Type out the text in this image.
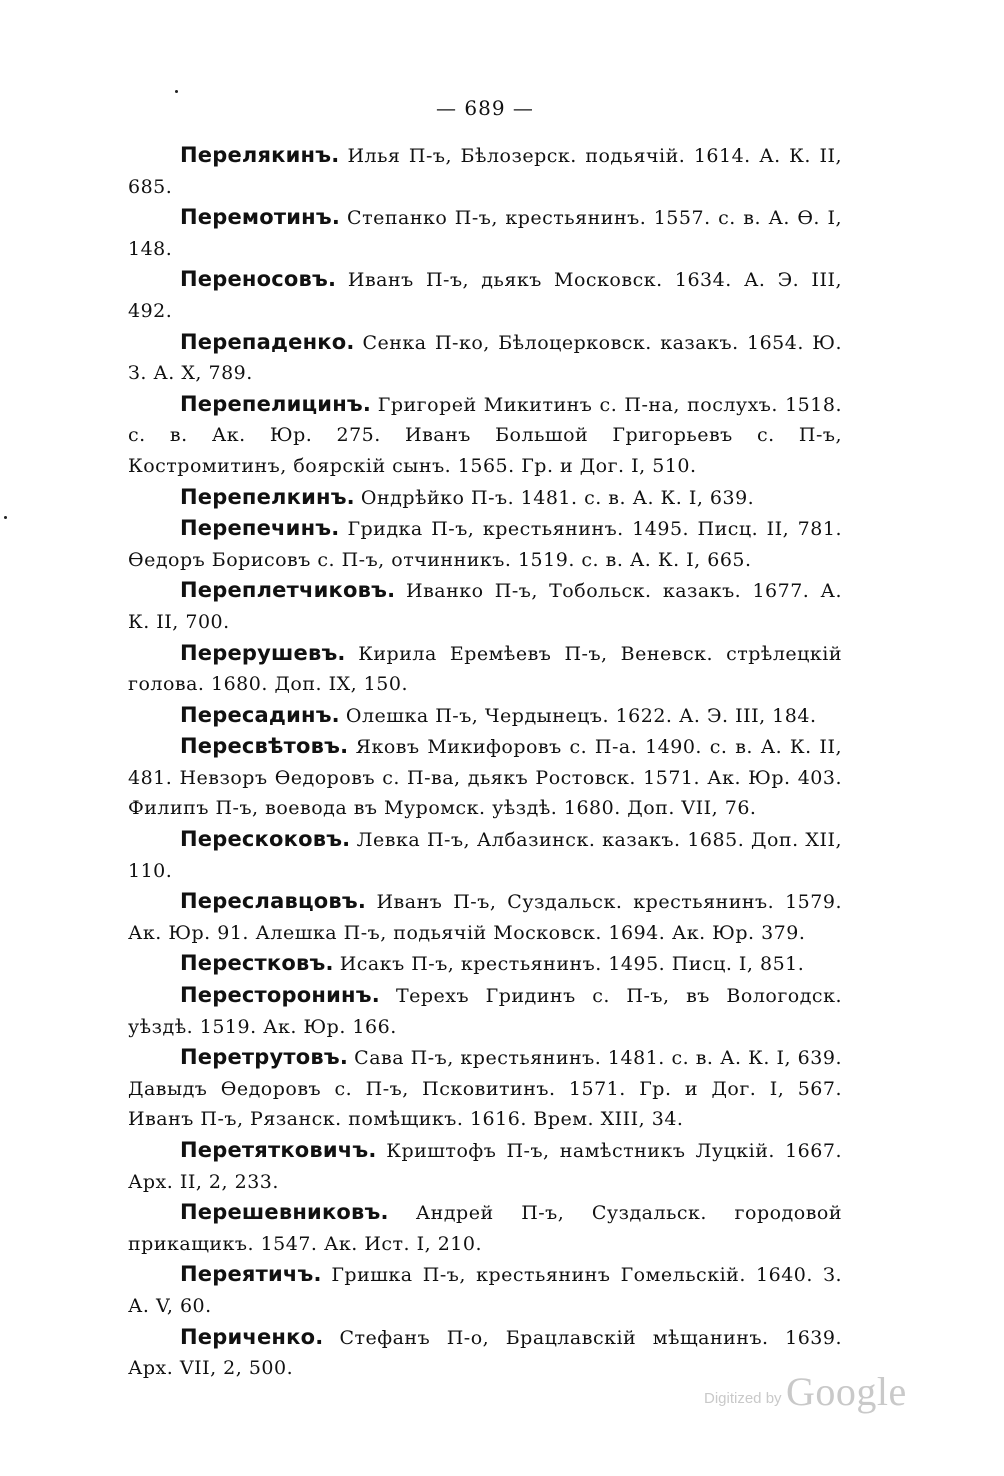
— 689 —

Перелякинъ. Илья П-ъ, Бѣлозерск. подьячій. 1614. А. К. II, 685.

Перемотинъ. Степанко П-ъ, крестьянинъ. 1557. с. в. А. Ѳ. I, 148.

Переносовъ. Иванъ П-ъ, дьякъ Московск. 1634. А. Э. III, 492.

Перепаденко. Сенка П-ко, Бѣлоцерковск. казакъ. 1654. Ю. З. А. X, 789.

Перепелицинъ. Григорей Микитинъ с. П-на, послухъ. 1518. с. в. Ак. Юр. 275. Иванъ Большой Григорьевъ с. П-ъ, Костромитинъ, боярскій сынъ. 1565. Гр. и Дог. I, 510.

Перепелкинъ. Ондрѣйко П-ъ. 1481. с. в. А. К. I, 639.

Перепечинъ. Гридка П-ъ, крестьянинъ. 1495. Писц. II, 781. Ѳедоръ Борисовъ с. П-ъ, отчинникъ. 1519. с. в. А. К. I, 665.

Переплетчиковъ. Иванко П-ъ, Тобольск. казакъ. 1677. А. К. II, 700.

Перерушевъ. Кирила Еремѣевъ П-ъ, Веневск. стрѣлецкій голова. 1680. Доп. IX, 150.

Пересадинъ. Олешка П-ъ, Чердынецъ. 1622. А. Э. III, 184.

Пересвѣтовъ. Яковъ Микифоровъ с. П-а. 1490. с. в. А. К. II, 481. Невзоръ Ѳедоровъ с. П-ва, дьякъ Ростовск. 1571. Ак. Юр. 403. Филипъ П-ъ, воевода въ Муромск. уѣздѣ. 1680. Доп. VII, 76.

Перескоковъ. Левка П-ъ, Албазинск. казакъ. 1685. Доп. XII, 110.

Переславцовъ. Иванъ П-ъ, Суздальск. крестьянинъ. 1579. Ак. Юр. 91. Алешка П-ъ, подьячій Московск. 1694. Ак. Юр. 379.

Перестковъ. Исакъ П-ъ, крестьянинъ. 1495. Писц. I, 851.

Пересторонинъ. Терехъ Гридинъ с. П-ъ, въ Вологодск. уѣздѣ. 1519. Ак. Юр. 166.

Перетрутовъ. Сава П-ъ, крестьянинъ. 1481. с. в. А. К. I, 639. Давыдъ Ѳедоровъ с. П-ъ, Псковитинъ. 1571. Гр. и Дог. I, 567. Иванъ П-ъ, Рязанск. помѣщикъ. 1616. Врем. XIII, 34.

Перетятковичъ. Криштофъ П-ъ, намѣстникъ Луцкій. 1667. Арх. II, 2, 233.

Перешевниковъ. Андрей П-ъ, Суздальск. городовой прикащикъ. 1547. Ак. Ист. I, 210.

Переятичъ. Гришка П-ъ, крестьянинъ Гомельскій. 1640. З. А. V, 60.

Периченко. Стефанъ П-о, Брацлавскій мѣщанинъ. 1639. Арх. VII, 2, 500.

Digitized by Google
